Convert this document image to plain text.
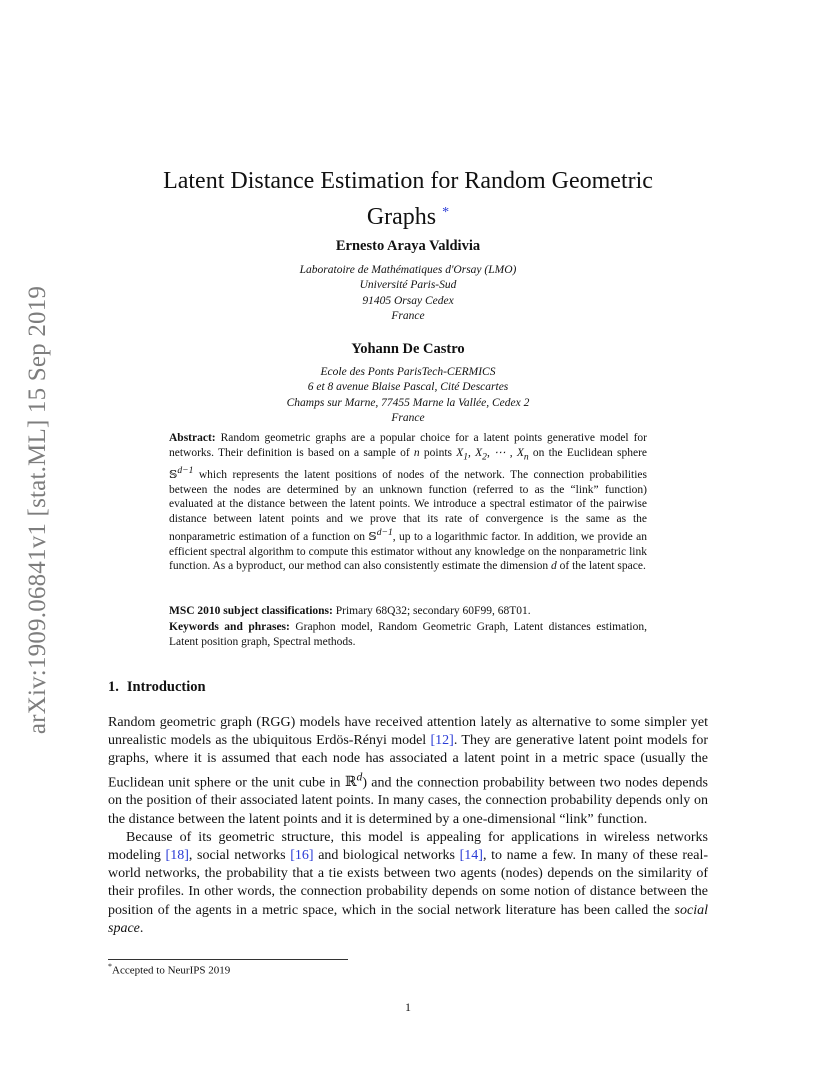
arXiv:1909.06841v1 [stat.ML] 15 Sep 2019
Latent Distance Estimation for Random Geometric
Graphs *
Ernesto Araya Valdivia
Laboratoire de Mathématiques d'Orsay (LMO)
Université Paris-Sud
91405 Orsay Cedex
France
Yohann De Castro
Ecole des Ponts ParisTech-CERMICS
6 et 8 avenue Blaise Pascal, Cité Descartes
Champs sur Marne, 77455 Marne la Vallée, Cedex 2
France
Abstract: Random geometric graphs are a popular choice for a latent points generative model for networks. Their definition is based on a sample of n points $X_1$, $X_2$, ⋯ , $X_n$ on the Euclidean sphere 𝕊$^{d-1}$ which represents the latent positions of nodes of the network. The connection probabilities between the nodes are determined by an unknown function (referred to as the “link” function) evaluated at the distance between the latent points. We introduce a spectral estimator of the pairwise distance between latent points and we prove that its rate of convergence is the same as the nonparametric estimation of a function on 𝕊$^{d-1}$, up to a logarithmic factor. In addition, we provide an efficient spectral algorithm to compute this estimator without any knowledge on the nonparametric link function. As a byproduct, our method can also consistently estimate the dimension d of the latent space.
MSC 2010 subject classifications: Primary 68Q32; secondary 60F99, 68T01.
Keywords and phrases: Graphon model, Random Geometric Graph, Latent distances estimation, Latent position graph, Spectral methods.
1. Introduction

Random geometric graph (RGG) models have received attention lately as alternative to some simpler yet unrealistic models as the ubiquitous Erdös-Rényi model [12]. They are generative latent point models for graphs, where it is assumed that each node has associated a latent point in a metric space (usually the Euclidean unit sphere or the unit cube in ℝ$^d$) and the connection probability between two nodes depends on the position of their associated latent points. In many cases, the connection probability depends only on the distance between the latent points and it is determined by a one-dimensional “link” function.

Because of its geometric structure, this model is appealing for applications in wireless networks modeling [18], social networks [16] and biological networks [14], to name a few. In many of these real-world networks, the probability that a tie exists between two agents (nodes) depends on the similarity of their profiles. In other words, the connection probability depends on some notion of distance between the position of the agents in a metric space, which in the social network literature has been called the social space.

*Accepted to NeurIPS 2019
1
